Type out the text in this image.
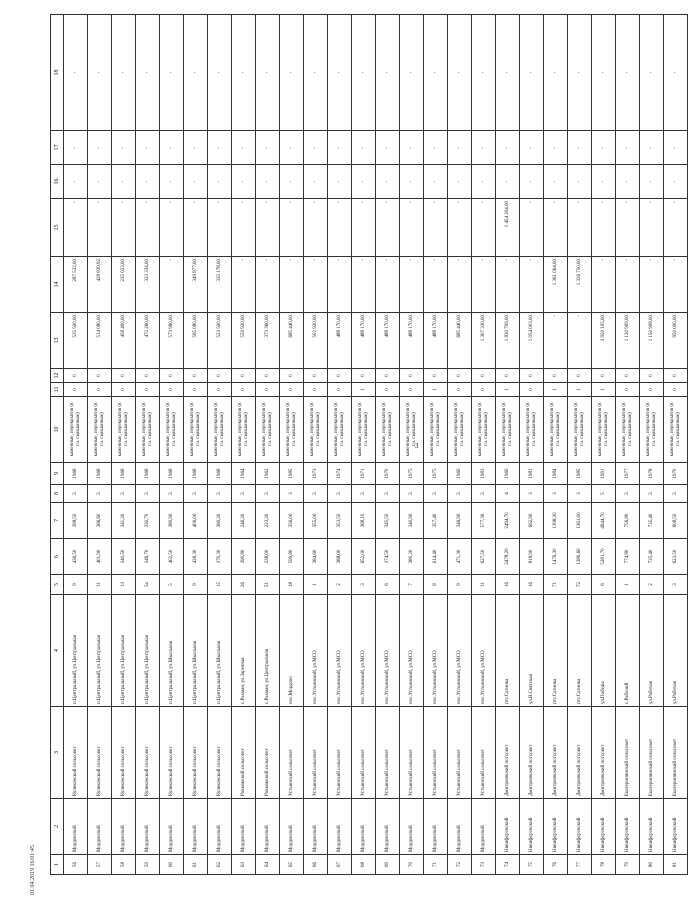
1	2	3	4	5	6	7	8	9	10	11	12	13	14	15	16	17	18
56	Мордовский	Куликовский сельсовет	п.Центральный, ул.Центральная	9	436,50	398,50	2	1968	каменные, перекрытия (в т.ч. смешанные)	0	0	535 500,00	287 532,00	-	-	-	-
57	Мордовский	Куликовский сельсовет	п.Центральный, ул.Центральная	11	401,90	366,60	2	1968	каменные, перекрытия (в т.ч. смешанные)	0	0	514 080,00	428 839,92	-	-	-	-
58	Мордовский	Куликовский сельсовет	п.Центральный, ул.Центральная	13	340,50	341,20	2	1968	каменные, перекрытия (в т.ч. смешанные)	0	0	458 400,00	235 033,00	-	-	-	-
59	Мордовский	Куликовский сельсовет	п.Центральный, ул.Центральная	5а	346,70	330,70	2	1968	каменные, перекрытия (в т.ч. смешанные)	0	0	472 260,00	323 334,00	-	-	-	-
60	Мордовский	Куликовский сельсовет	п.Центральный, ул.Школьная	5	402,50	380,90	2	1968	каменные, перекрытия (в т.ч. смешанные)	0	0	573 960,00	-	-	-	-	-
61	Мордовский	Куликовский сельсовет	п.Центральный, ул.Школьная	9	428,30	406,00	2	1968	каменные, перекрытия (в т.ч. смешанные)	0	0	565 080,00	349 877,00	-	-	-	-
62	Мордовский	Куликовский сельсовет	п.Центральный, ул.Школьная	15	370,30	360,20	2	1968	каменные, перекрытия (в т.ч. смешанные)	0	0	523 500,00	335 178,00	-	-	-	-
63	Мордовский	Рахманский сельсовет	с.Рахман, ул.Заречная	26	390,80	246,20	2	1964	каменные, перекрытия (в т.ч. смешанные)	0	0	559 920,00	-	-	-	-	-
64	Мордовский	Рахманский сельсовет	с.Рахман, ул.Центральная	51	238,00	223,20	2	1962	каменные, перекрытия (в т.ч. смешанные)	0	0	373 360,00	-	-	-	-	-
65	Мордовский	Устьинский сельсовет	пос.Мордово	18	599,80	356,00	3	1985	каменные, перекрытия (в т.ч. смешанные)	0	0	685 440,00	-	-	-	-	-
66	Мордовский	Устьинский сельсовет	пос.Устьинский, ул.МСО	1	384,60	355,00	2	1973	каменные, перекрытия (в т.ч. смешанные)	0	0	502 920,00	-	-	-	-	-
67	Мордовский	Устьинский сельсовет	пос.Устьинский, ул.МСО	2	388,00	353,50	2	1974	каменные, перекрытия (в т.ч. смешанные)	0	0	488 170,00	-	-	-	-	-
68	Мордовский	Устьинский сельсовет	пос.Устьинский, ул.МСО	3	652,00	368,10	2	1971	каменные, перекрытия (в т.ч. смешанные)	1	0	488 170,00	-	-	-	-	-
69	Мордовский	Устьинский сельсовет	пос.Устьинский, ул.МСО	6	374,50	345,50	2	1970	каменные, перекрытия (в т.ч. смешанные)	0	0	488 170,00	-	-	-	-	-
70	Мордовский	Устьинский сельсовет	пос.Устьинский, ул.МСО	7	380,20	340,90	2	1975	каменные, перекрытия (в т.ч. смешанные)	0	0	488 170,00	-	-	-	-	-
71	Мордовский	Устьинский сельсовет	пос.Устьинский, ул.МСО	8	614,40	357,40	2	1975	каменные, перекрытия (в т.ч. смешанные)	1	0	488 170,00	-	-	-	-	-
72	Мордовский	Устьинский сельсовет	пос.Устьинский, ул.МСО	9	471,30	346,90	2	1969	каменные, перекрытия (в т.ч. смешанные)	0	0	685 440,00	-	-	-	-	-
73	Мордовский	Устьинский сельсовет	пос.Устьинский, ул.МСО	11	627,50	577,30	2	1983	каменные, перекрытия (в т.ч. смешанные)	0	0	1 307 330,00	-	-	-	-	-
74	Никифоровский	Дмитриевский поссовет	пгт.Сатинка	16	2478,20	2494,70	4	1969	каменные, перекрытия (в т.ч. смешанные)	1	0	1 830 709,00	-	1 454 204,00	-	-	-
75	Никифоровский	Дмитриевский поссовет	ул.В.Святская	16	818,90	662,90	3	1981	каменные, перекрытия (в т.ч. смешанные)	0	0	1 054 003,00	-	-	-	-	-
76	Никифоровский	Дмитриевский поссовет	пгт.Сатинка	71	1476,30	1398,30	3	1984	каменные, перекрытия (в т.ч. смешанные)	1	0	-	1 361 064,00	-	-	-	-
77	Никифоровский	Дмитриевский поссовет	пгт.Сатинка	72	1380,60	1361,00	3	1985	каменные, перекрытия (в т.ч. смешанные)	1	0	-	1 326 750,00	-	-	-	-
78	Никифоровский	Дмитриевский поссовет	ул.Победы	6	5281,70	4944,70	5	1991	каменные, перекрытия (в т.ч. смешанные)	1	0	3 950 105,00	-	-	-	-	-
79	Никифоровский	Екатерининский сельсовет	с.Рабочий	1	774,80	756,80	2	1977	каменные, перекрытия (в т.ч. смешанные)	0	0	1 120 909,00	-	-	-	-	-
80	Никифоровский	Екатерининский сельсовет	ул.Рабочая	2	735,40	735,40	2	1978	каменные, перекрытия (в т.ч. смешанные)	0	0	1 150 908,00	-	-	-	-	-
81	Никифоровский	Екатерининский сельсовет	ул.Рабочая	3	623,50	608,50	2	1970	каменные, перекрытия (в т.ч. смешанные)	0	0	950 000,00	-	-	-	-	-
3
01.04.2019 16:01:45
